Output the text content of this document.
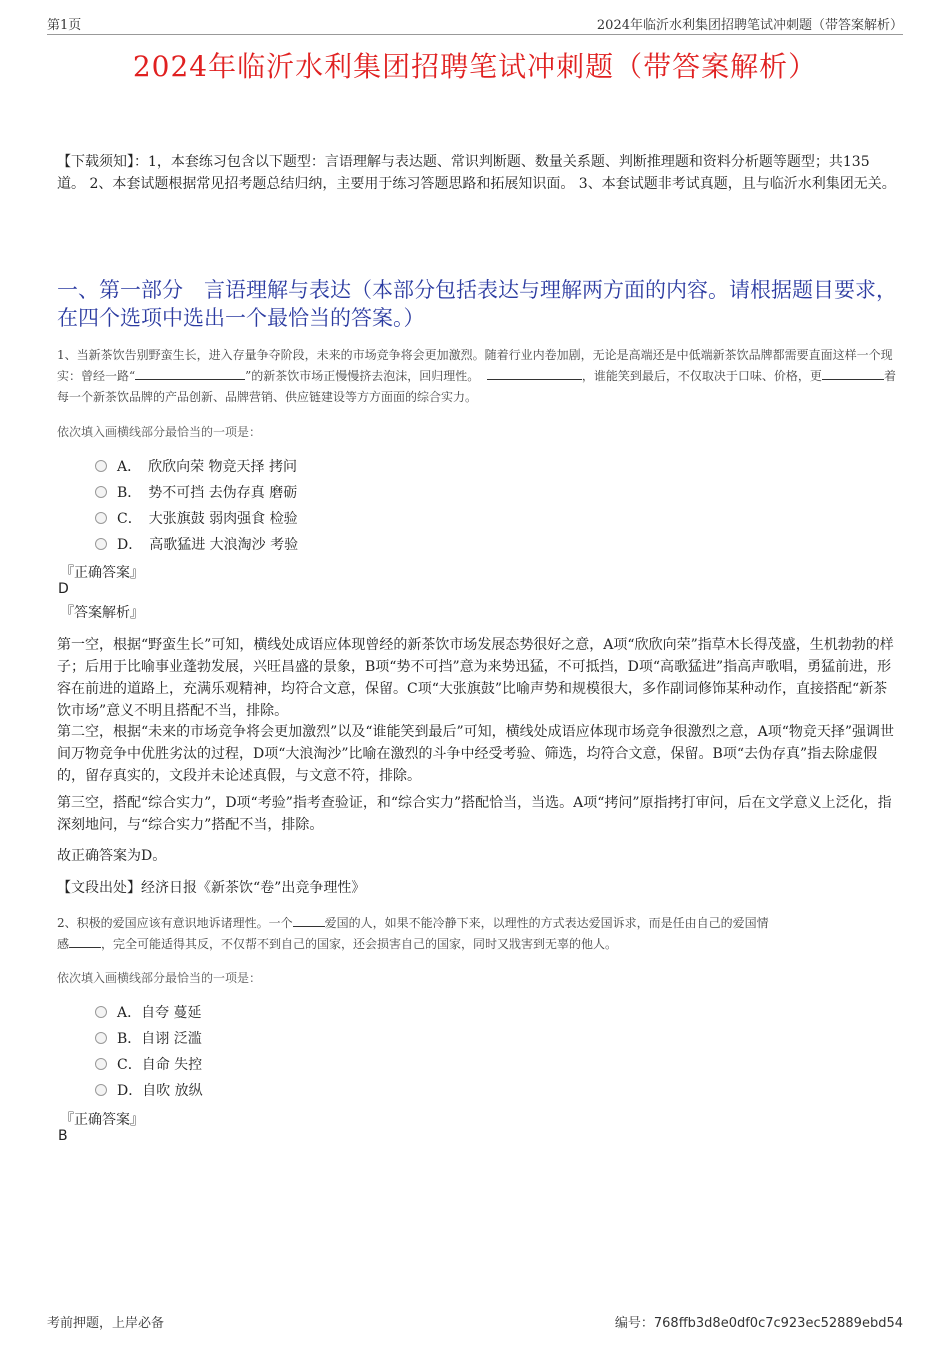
第1页	2024年临沂水利集团招聘笔试冲刺题（带答案解析）
2024年临沂水利集团招聘笔试冲刺题（带答案解析）
【下载须知】：1，本套练习包含以下题型：言语理解与表达题、常识判断题、数量关系题、判断推理题和资料分析题等题型；共135道。 2、本套试题根据常见招考题总结归纳，主要用于练习答题思路和拓展知识面。 3、本套试题非考试真题，且与临沂水利集团无关。
一、第一部分　言语理解与表达（本部分包括表达与理解两方面的内容。请根据题目要求，在四个选项中选出一个最恰当的答案。）
1、当新茶饮告别野蛮生长，进入存量争夺阶段，未来的市场竞争将会更加激烈。随着行业内卷加剧，无论是高端还是中低端新茶饮品牌都需要直面这样一个现实：曾经一路“	”的新茶饮市场正慢慢挤去泡沫，回归理性。	，谁能笑到最后，不仅取决于口味、价格，更	着每一个新茶饮品牌的产品创新、品牌营销、供应链建设等方方面面的综合实力。
依次填入画横线部分最恰当的一项是：
A．　欣欣向荣 物竞天择 拷问
B．　势不可挡 去伪存真 磨砺
C．　大张旗鼓 弱肉强食 检验
D．　高歌猛进 大浪淘沙 考验
『正确答案』
D
『答案解析』
第一空，根据“野蛮生长”可知，横线处成语应体现曾经的新茶饮市场发展态势很好之意，A项“欣欣向荣”指草木长得茂盛，生机勃勃的样子；后用于比喻事业蓬勃发展，兴旺昌盛的景象，B项“势不可挡”意为来势迅猛，不可抵挡，D项“高歌猛进”指高声歌唱，勇猛前进，形容在前进的道路上，充满乐观精神，均符合文意，保留。C项“大张旗鼓”比喻声势和规模很大，多作副词修饰某种动作，直接搭配“新茶饮市场”意义不明且搭配不当，排除。
第二空，根据“未来的市场竞争将会更加激烈”以及“谁能笑到最后”可知，横线处成语应体现市场竞争很激烈之意，A项“物竞天择”强调世间万物竞争中优胜劣汰的过程，D项“大浪淘沙”比喻在激烈的斗争中经受考验、筛选，均符合文意，保留。B项“去伪存真”指去除虚假的，留存真实的，文段并未论述真假，与文意不符，排除。
第三空，搭配“综合实力”，D项“考验”指考查验证，和“综合实力”搭配恰当，当选。A项“拷问”原指拷打审问，后在文学意义上泛化，指深刻地问，与“综合实力”搭配不当，排除。
故正确答案为D。
【文段出处】经济日报《新茶饮“卷”出竞争理性》
2、积极的爱国应该有意识地诉诸理性。一个	爱国的人，如果不能冷静下来，以理性的方式表达爱国诉求，而是任由自己的爱国情
感	，完全可能适得其反，不仅帮不到自己的国家，还会损害自己的国家，同时又戕害到无辜的他人。
依次填入画横线部分最恰当的一项是：
A．自夸 蔓延
B．自诩 泛滥
C．自命 失控
D．自吹 放纵
『正确答案』
B
考前押题，上岸必备	编号：768ffb3d8e0df0c7c923ec52889ebd54
